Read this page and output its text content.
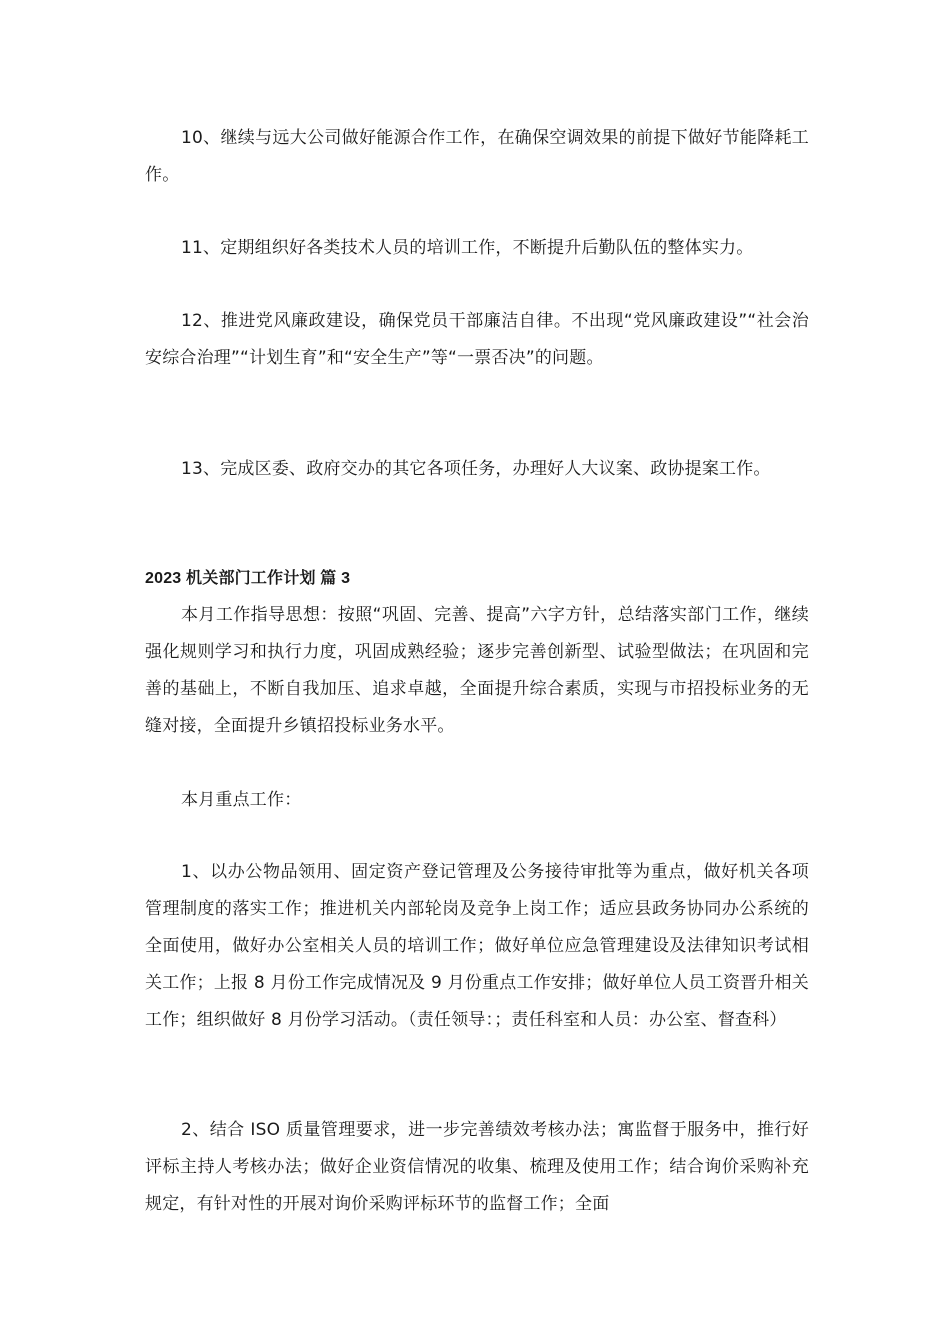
10、继续与远大公司做好能源合作工作，在确保空调效果的前提下做好节能降耗工作。

11、定期组织好各类技术人员的培训工作，不断提升后勤队伍的整体实力。

12、推进党风廉政建设，确保党员干部廉洁自律。不出现“党风廉政建设”“社会治安综合治理”“计划生育”和“安全生产”等“一票否决”的问题。

13、完成区委、政府交办的其它各项任务，办理好人大议案、政协提案工作。

2023 机关部门工作计划 篇 3

本月工作指导思想：按照“巩固、完善、提高”六字方针，总结落实部门工作，继续强化规则学习和执行力度，巩固成熟经验；逐步完善创新型、试验型做法；在巩固和完善的基础上，不断自我加压、追求卓越，全面提升综合素质，实现与市招投标业务的无缝对接，全面提升乡镇招投标业务水平。

本月重点工作：

1、以办公物品领用、固定资产登记管理及公务接待审批等为重点，做好机关各项管理制度的落实工作；推进机关内部轮岗及竞争上岗工作；适应县政务协同办公系统的全面使用，做好办公室相关人员的培训工作；做好单位应急管理建设及法律知识考试相关工作；上报 8 月份工作完成情况及 9 月份重点工作安排；做好单位人员工资晋升相关工作；组织做好 8 月份学习活动。（责任领导：；责任科室和人员：办公室、督查科）

2、结合 ISO 质量管理要求，进一步完善绩效考核办法；寓监督于服务中，推行好评标主持人考核办法；做好企业资信情况的收集、梳理及使用工作；结合询价采购补充规定，有针对性的开展对询价采购评标环节的监督工作；全面
